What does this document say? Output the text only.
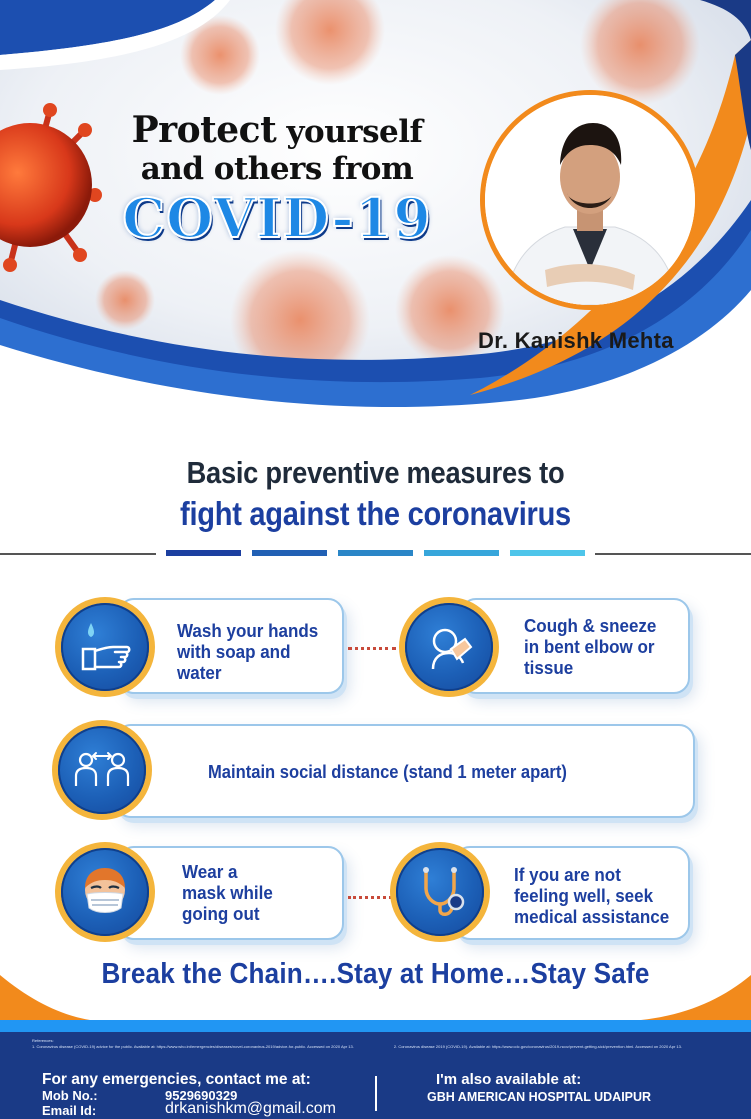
Protect yourself
and others from
COVID-19
Dr. Kanishk Mehta
Basic preventive measures to
fight against the coronavirus
Wash your hands
with soap and
water
Cough & sneeze
in bent elbow or
tissue
Maintain social distance (stand 1 meter apart)
Wear a
mask while
going out
If you are not
feeling well, seek
medical assistance
Break the Chain….Stay at Home…Stay Safe
References:
1. Coronavirus disease (COVID-19) advice for the public. Available at: https://www.who.int/emergencies/diseases/novel-coronavirus-2019/advice-for-public. Accessed on 2020 Apr 13.	2. Coronavirus disease 2019 (COVID-19). Available at: https://www.cdc.gov/coronavirus/2019-ncov/prevent-getting-sick/prevention.html. Accessed on 2020 Apr 13.
For any emergencies, contact me at:
Mob No.:	9529690329
Email Id:	drkanishkm@gmail.com
I'm also available at:
GBH AMERICAN HOSPITAL UDAIPUR
